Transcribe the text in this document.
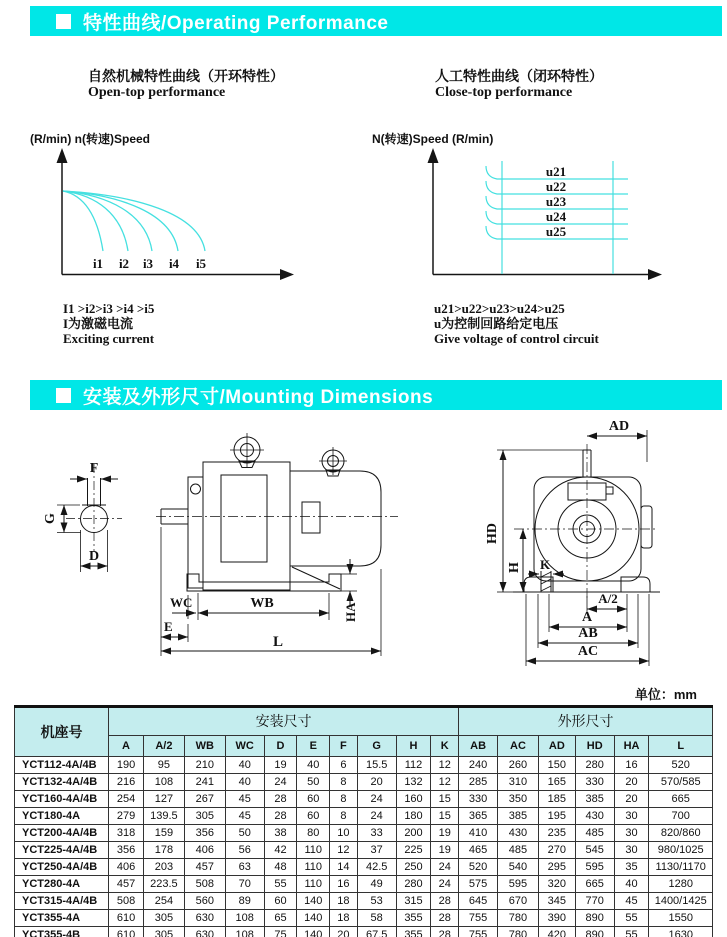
特性曲线/Operating Performance
自然机械特性曲线（开环特性）
Open-top performance
人工特性曲线（闭环特性）
Close-top performance
(R/min) n(转速)Speed	N(转速)Speed (R/min)
i1 i2 i3 i4 i5
u21
u22
u23
u24
u25
I1 >i2>i3 >i4 >i5
I为激磁电流
Exciting current
u21>u22>u23>u24>u25
u为控制回路给定电压
Give voltage of control circuit
安装及外形尺寸/Mounting Dimensions
F
G
D
WC	WB	HA
E
L
AD
HD
H K
A/2
A
AB
AC
单位：mm
机座号	安装尺寸										外形尺寸					
	A	A/2	WB	WC	D	E	F	G	H	K	AB	AC	AD	HD	HA	L
YCT112-4A/4B	190	95	210	40	19	40	6	15.5	112	12	240	260	150	280	16	520
YCT132-4A/4B	216	108	241	40	24	50	8	20	132	12	285	310	165	330	20	570/585
YCT160-4A/4B	254	127	267	45	28	60	8	24	160	15	330	350	185	385	20	665
YCT180-4A	279	139.5	305	45	28	60	8	24	180	15	365	385	195	430	30	700
YCT200-4A/4B	318	159	356	50	38	80	10	33	200	19	410	430	235	485	30	820/860
YCT225-4A/4B	356	178	406	56	42	110	12	37	225	19	465	485	270	545	30	980/1025
YCT250-4A/4B	406	203	457	63	48	110	14	42.5	250	24	520	540	295	595	35	1130/1170
YCT280-4A	457	223.5	508	70	55	110	16	49	280	24	575	595	320	665	40	1280
YCT315-4A/4B	508	254	560	89	60	140	18	53	315	28	645	670	345	770	45	1400/1425
YCT355-4A	610	305	630	108	65	140	18	58	355	28	755	780	390	890	55	1550
YCT355-4B	610	305	630	108	75	140	20	67.5	355	28	755	780	420	890	55	1630
